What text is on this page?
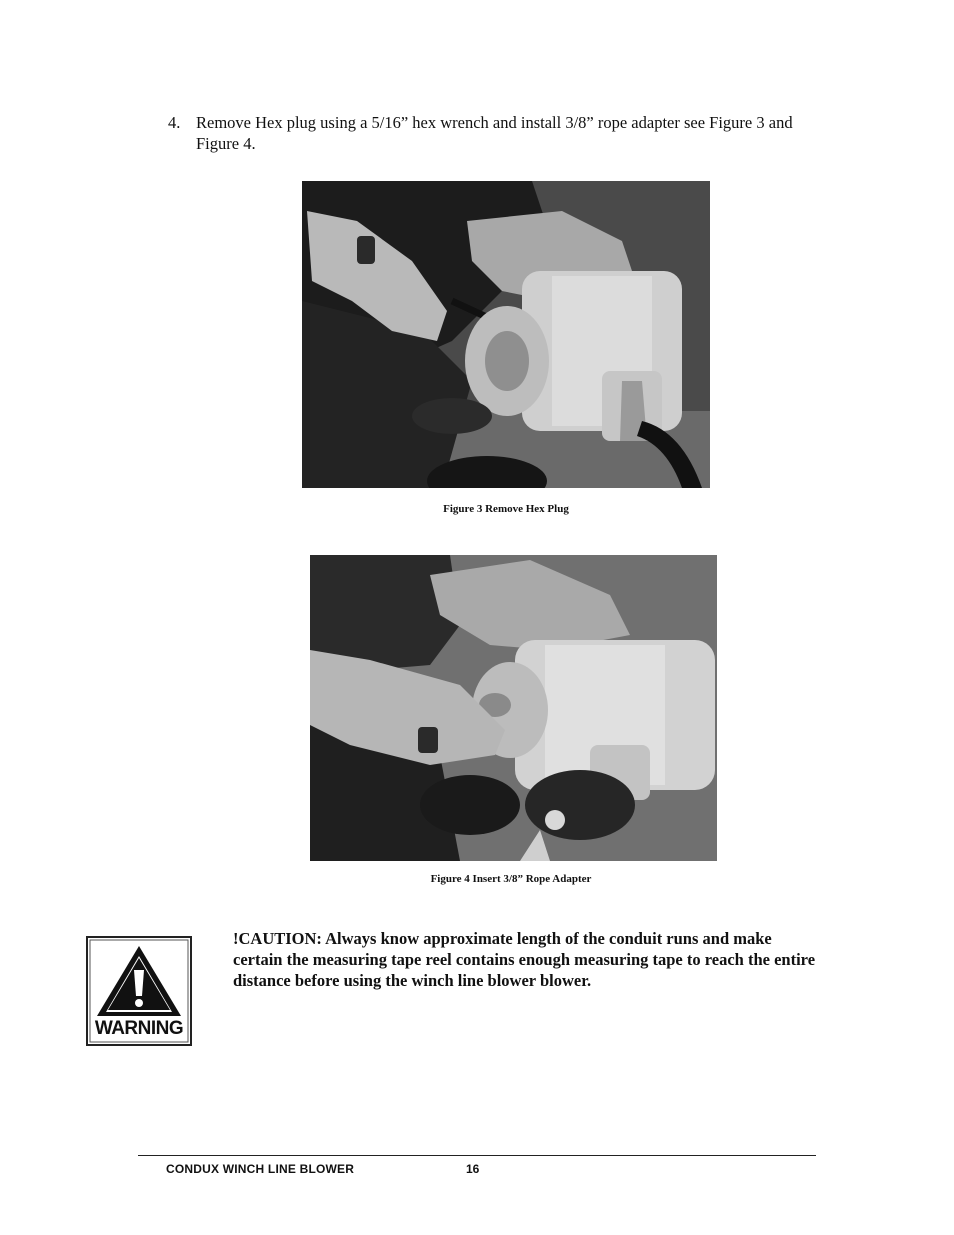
4. Remove Hex plug using a 5/16” hex wrench and install 3/8” rope adapter see Figure 3 and Figure 4.
Figure 3 Remove Hex Plug
Figure 4 Insert 3/8” Rope Adapter
WARNING
!CAUTION: Always know approximate length of the conduit runs and make certain the measuring tape reel contains enough measuring tape to reach the entire distance before using the winch line blower blower.
CONDUX WINCH LINE BLOWER	16
